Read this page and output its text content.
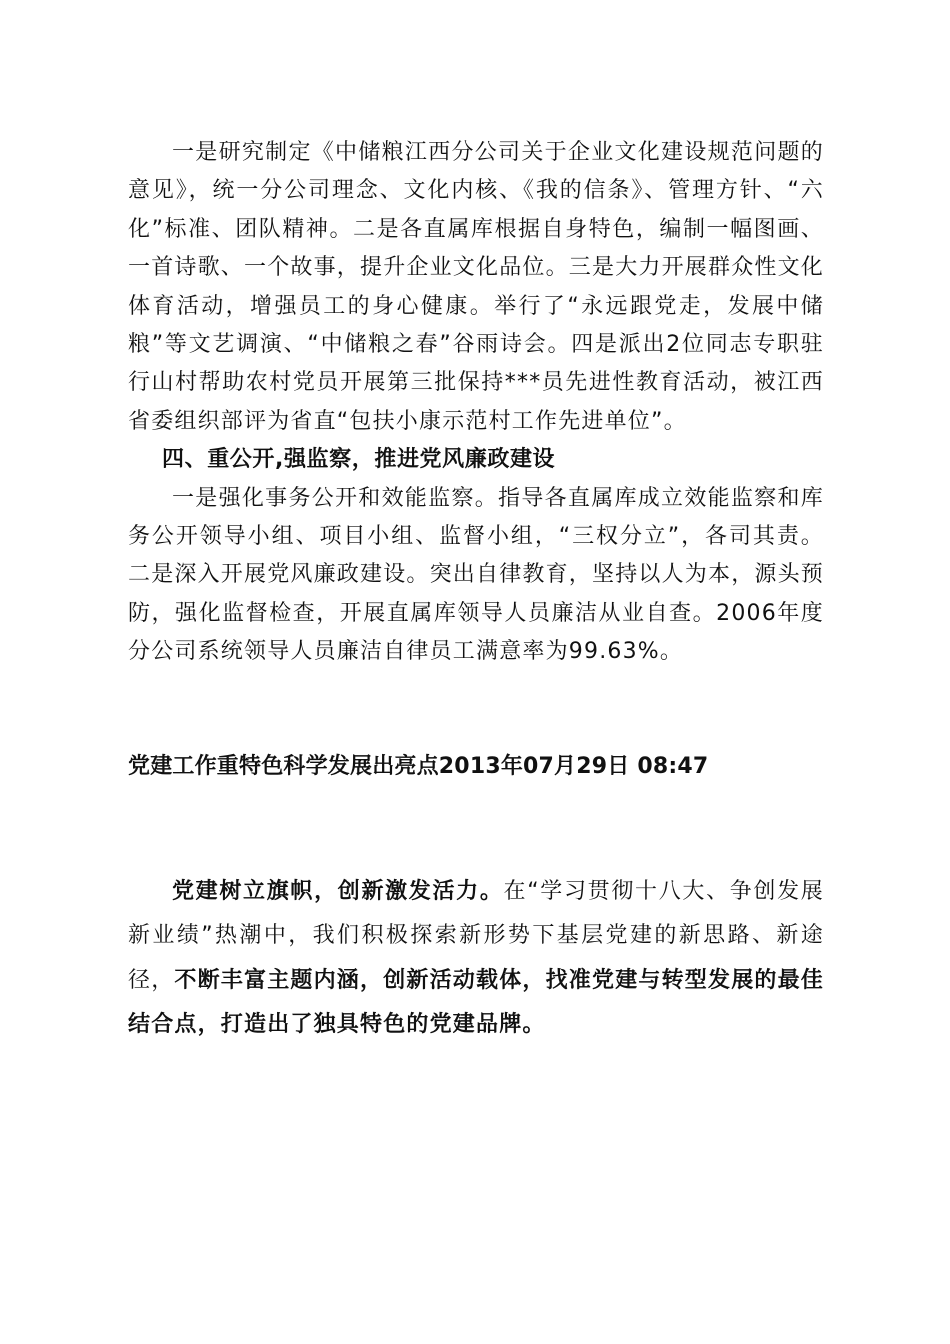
一是研究制定《中储粮江西分公司关于企业文化建设规范问题的意见》，统一分公司理念、文化内核、《我的信条》、管理方针、“六化”标准、团队精神。二是各直属库根据自身特色，编制一幅图画、一首诗歌、一个故事，提升企业文化品位。三是大力开展群众性文化体育活动，增强员工的身心健康。举行了“永远跟党走，发展中储粮”等文艺调演、“中储粮之春”谷雨诗会。四是派出2位同志专职驻行山村帮助农村党员开展第三批保持***员先进性教育活动，被江西省委组织部评为省直“包扶小康示范村工作先进单位”。

四、重公开,强监察，推进党风廉政建设

一是强化事务公开和效能监察。指导各直属库成立效能监察和库务公开领导小组、项目小组、监督小组，“三权分立”，各司其责。二是深入开展党风廉政建设。突出自律教育，坚持以人为本，源头预防，强化监督检查，开展直属库领导人员廉洁从业自查。2006年度分公司系统领导人员廉洁自律员工满意率为99.63%。

党建工作重特色科学发展出亮点2013年07月29日 08:47

党建树立旗帜，创新激发活力。在“学习贯彻十八大、争创发展新业绩”热潮中，我们积极探索新形势下基层党建的新思路、新途径，不断丰富主题内涵，创新活动载体，找准党建与转型发展的最佳结合点，打造出了独具特色的党建品牌。
